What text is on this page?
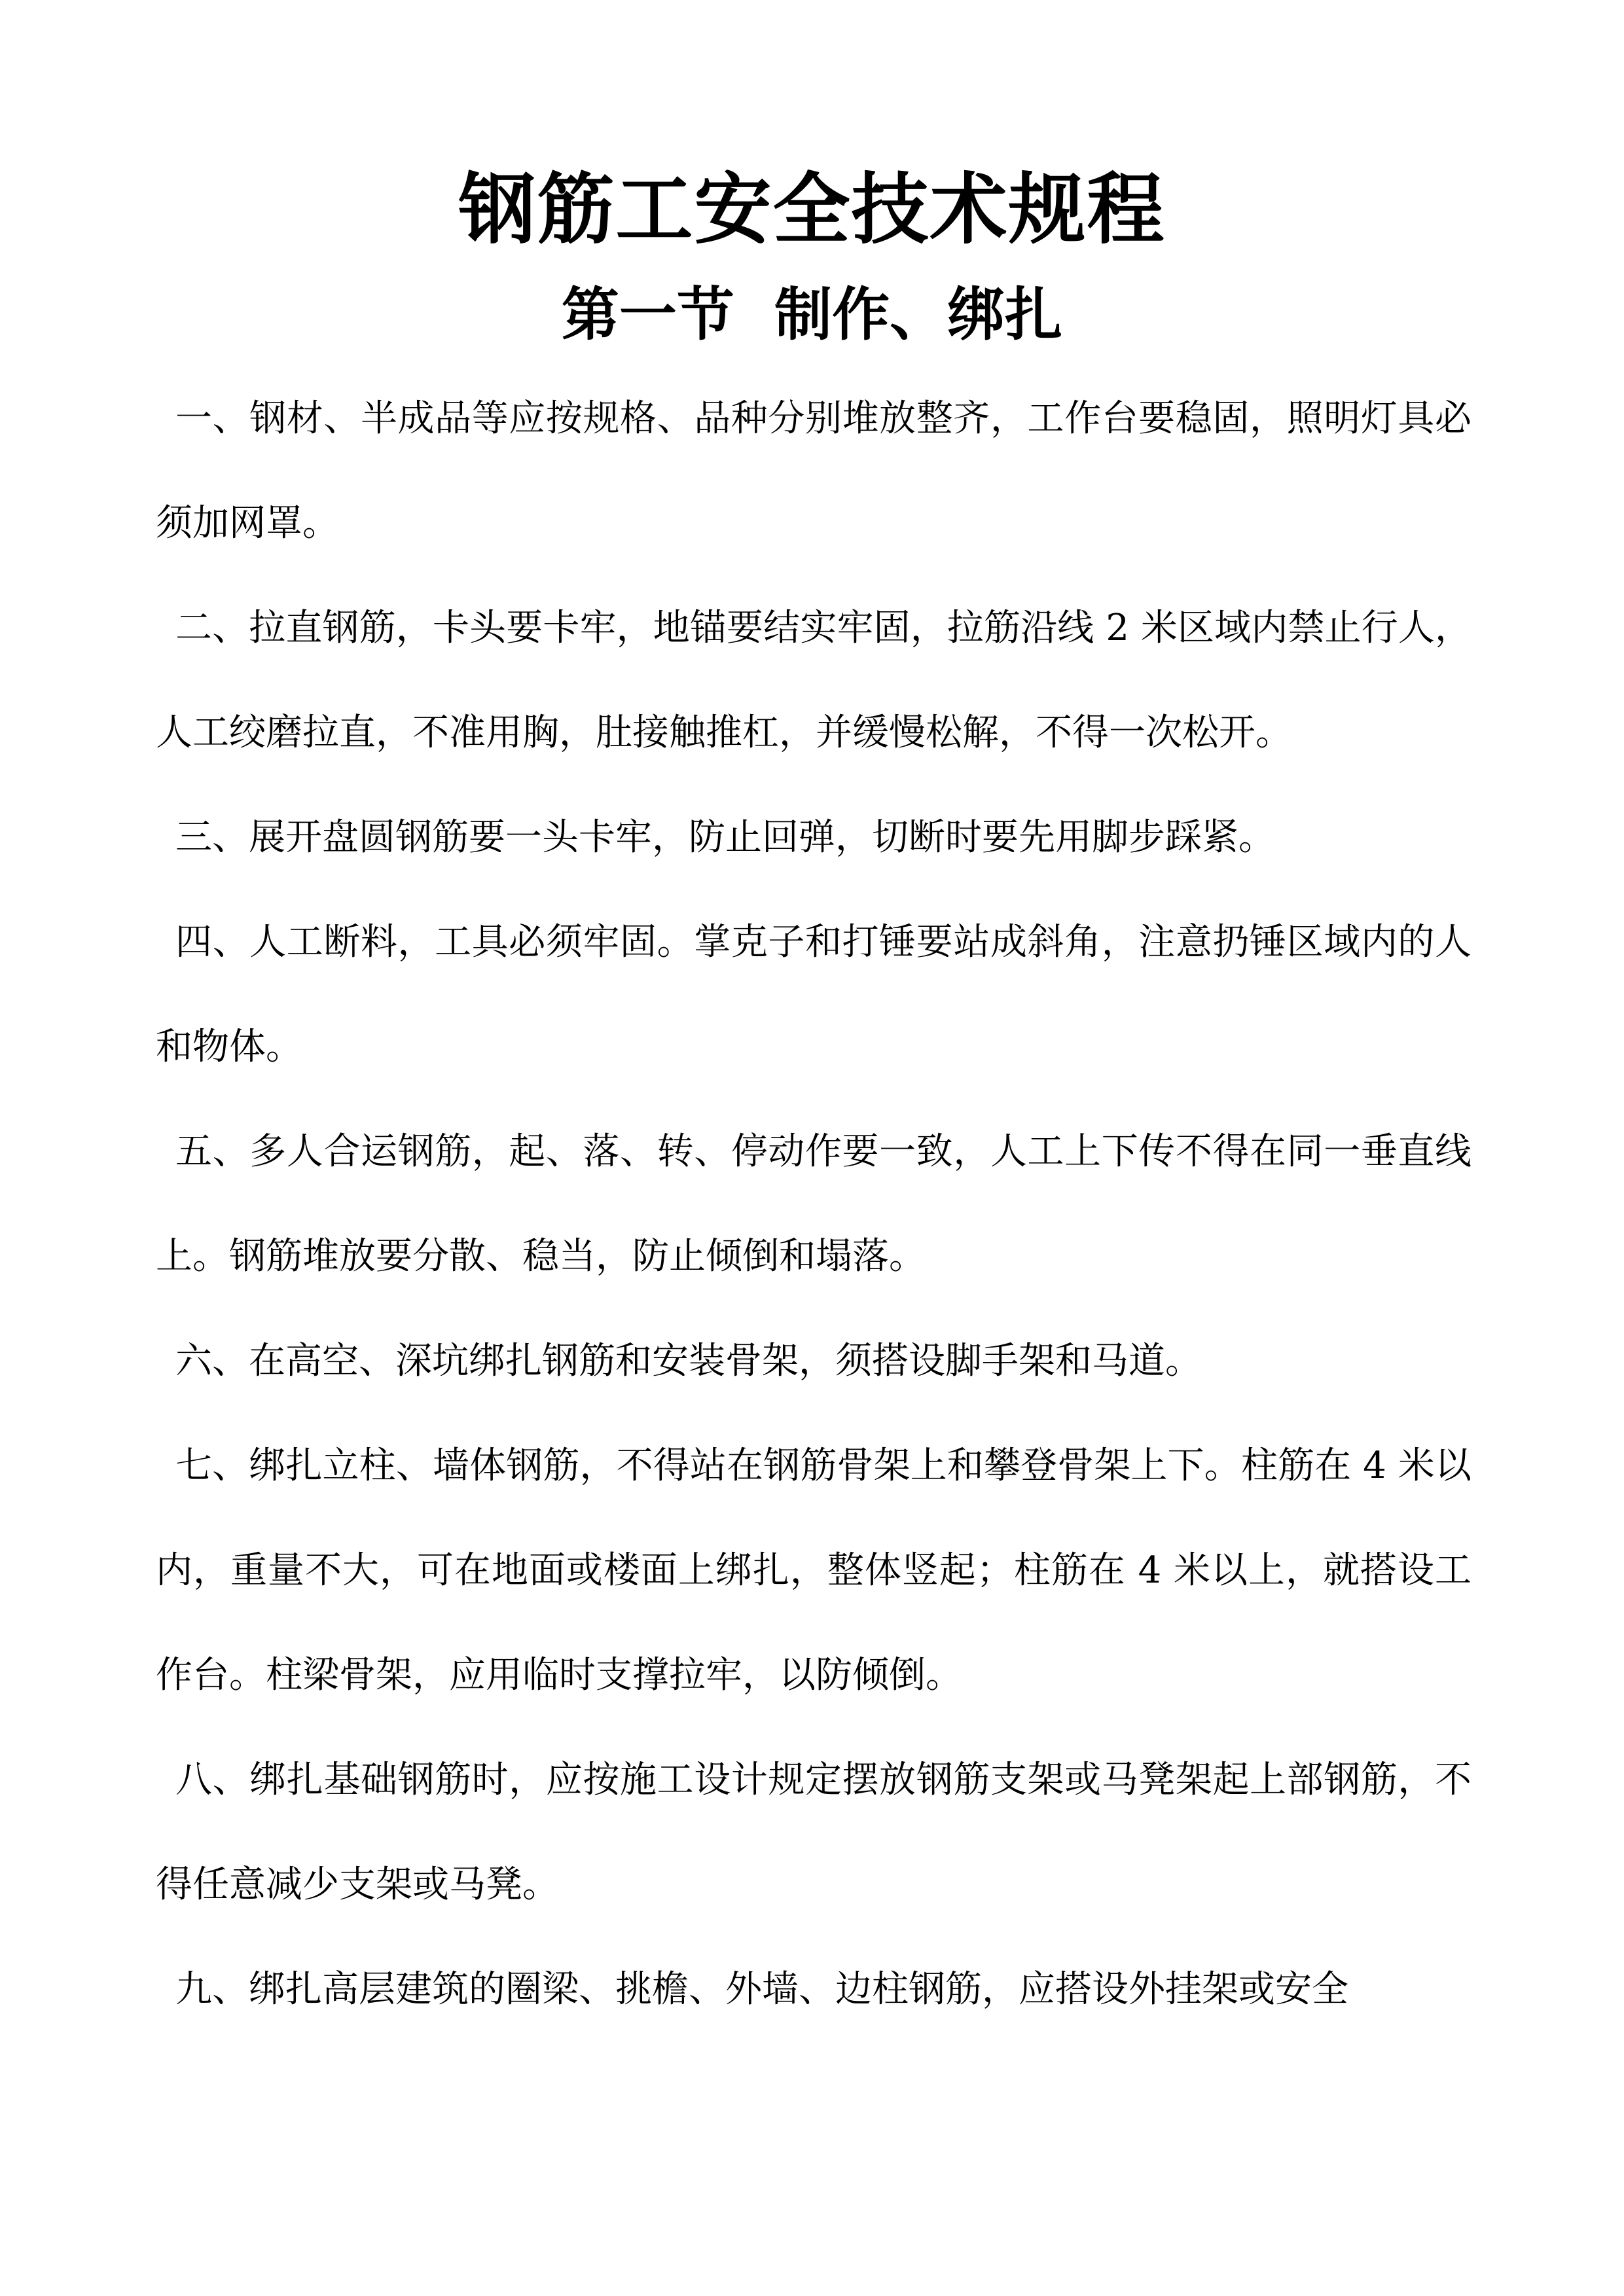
钢筋工安全技术规程
第一节  制作、绑扎

一、钢材、半成品等应按规格、品种分别堆放整齐，工作台要稳固，照明灯具必须加网罩。

二、拉直钢筋，卡头要卡牢，地锚要结实牢固，拉筋沿线 2 米区域内禁止行人，人工绞磨拉直，不准用胸，肚接触推杠，并缓慢松解，不得一次松开。

三、展开盘圆钢筋要一头卡牢，防止回弹，切断时要先用脚步踩紧。

四、人工断料，工具必须牢固。掌克子和打锤要站成斜角，注意扔锤区域内的人和物体。

五、多人合运钢筋，起、落、转、停动作要一致，人工上下传不得在同一垂直线上。钢筋堆放要分散、稳当，防止倾倒和塌落。

六、在高空、深坑绑扎钢筋和安装骨架，须搭设脚手架和马道。

七、绑扎立柱、墙体钢筋，不得站在钢筋骨架上和攀登骨架上下。柱筋在 4 米以内，重量不大，可在地面或楼面上绑扎，整体竖起；柱筋在 4 米以上，就搭设工作台。柱梁骨架，应用临时支撑拉牢，以防倾倒。

八、绑扎基础钢筋时，应按施工设计规定摆放钢筋支架或马凳架起上部钢筋，不得任意减少支架或马凳。

九、绑扎高层建筑的圈梁、挑檐、外墙、边柱钢筋，应搭设外挂架或安全
